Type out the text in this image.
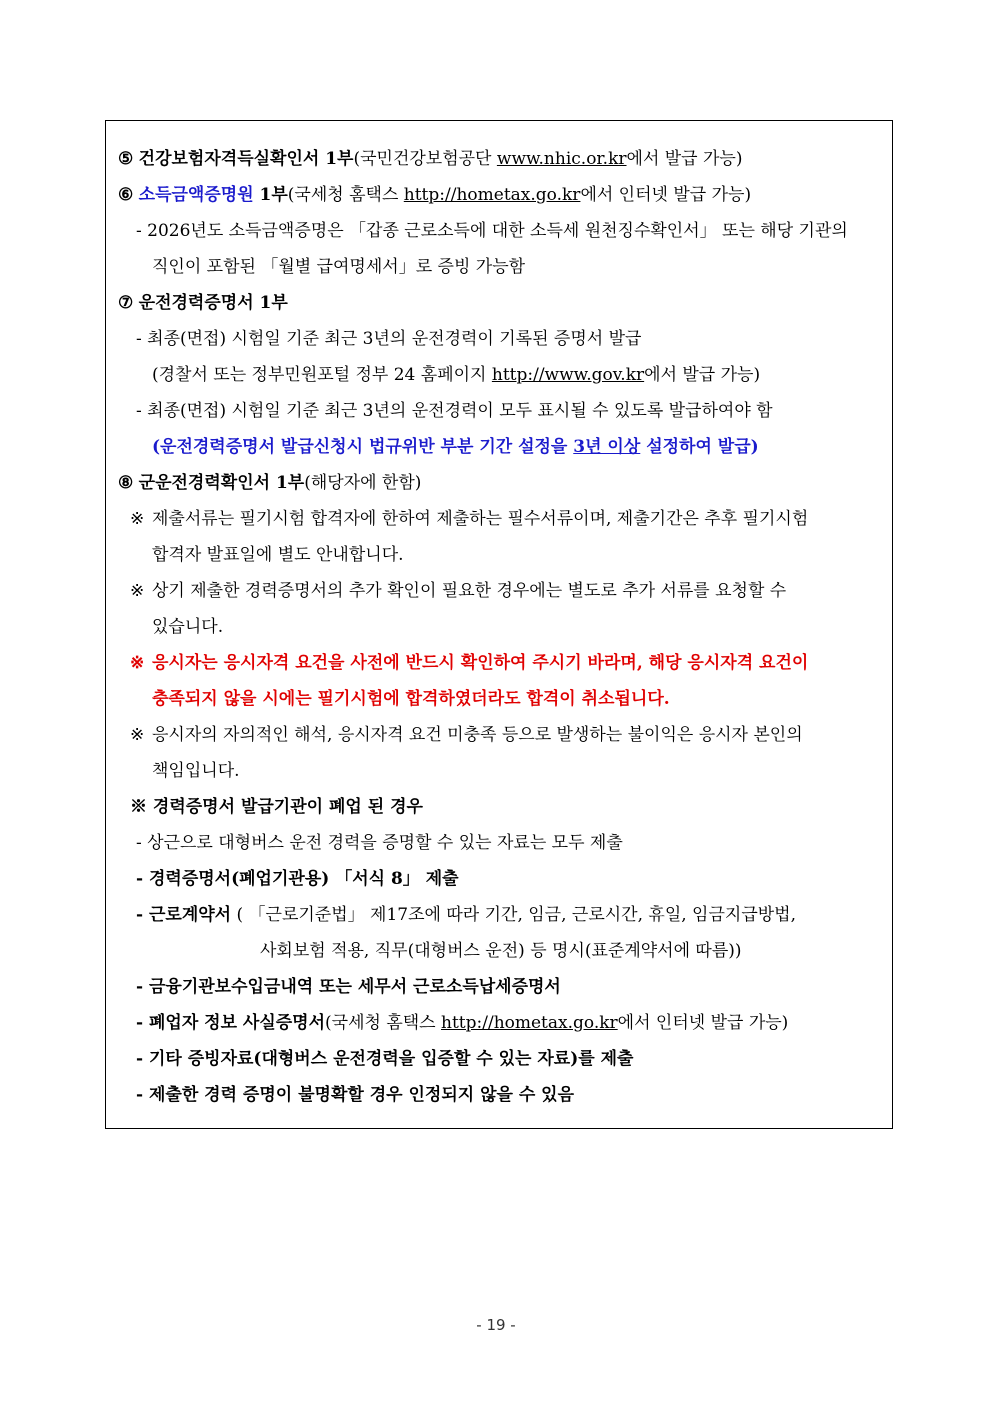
⑤ 건강보험자격득실확인서 1부(국민건강보험공단 www.nhic.or.kr에서 발급 가능)
⑥ 소득금액증명원 1부(국세청 홈택스 http://hometax.go.kr에서 인터넷 발급 가능)
- 2026년도 소득금액증명은 「갑종 근로소득에 대한 소득세 원천징수확인서」 또는 해당 기관의
직인이 포함된 「월별 급여명세서」로 증빙 가능함
⑦ 운전경력증명서 1부
- 최종(면접) 시험일 기준 최근 3년의 운전경력이 기록된 증명서 발급
(경찰서 또는 정부민원포털 정부 24 홈페이지 http://www.gov.kr에서 발급 가능)
- 최종(면접) 시험일 기준 최근 3년의 운전경력이 모두 표시될 수 있도록 발급하여야 함
(운전경력증명서 발급신청시 법규위반 부분 기간 설정을 3년 이상 설정하여 발급)
⑧ 군운전경력확인서 1부(해당자에 한함)
※ 제출서류는 필기시험 합격자에 한하여 제출하는 필수서류이며, 제출기간은 추후 필기시험
합격자 발표일에 별도 안내합니다.
※ 상기 제출한 경력증명서의 추가 확인이 필요한 경우에는 별도로 추가 서류를 요청할 수
있습니다.
※ 응시자는 응시자격 요건을 사전에 반드시 확인하여 주시기 바라며, 해당 응시자격 요건이
충족되지 않을 시에는 필기시험에 합격하였더라도 합격이 취소됩니다.
※ 응시자의 자의적인 해석, 응시자격 요건 미충족 등으로 발생하는 불이익은 응시자 본인의
책임입니다.
※ 경력증명서 발급기관이 폐업 된 경우
- 상근으로 대형버스 운전 경력을 증명할 수 있는 자료는 모두 제출
- 경력증명서(폐업기관용) 「서식 8」 제출
- 근로계약서 ( 「근로기준법」 제17조에 따라 기간, 임금, 근로시간, 휴일, 임금지급방법,
사회보험 적용, 직무(대형버스 운전) 등 명시(표준계약서에 따름))
- 금융기관보수입금내역 또는 세무서 근로소득납세증명서
- 폐업자 정보 사실증명서(국세청 홈택스 http://hometax.go.kr에서 인터넷 발급 가능)
- 기타 증빙자료(대형버스 운전경력을 입증할 수 있는 자료)를 제출
- 제출한 경력 증명이 불명확할 경우 인정되지 않을 수 있음
- 19 -
